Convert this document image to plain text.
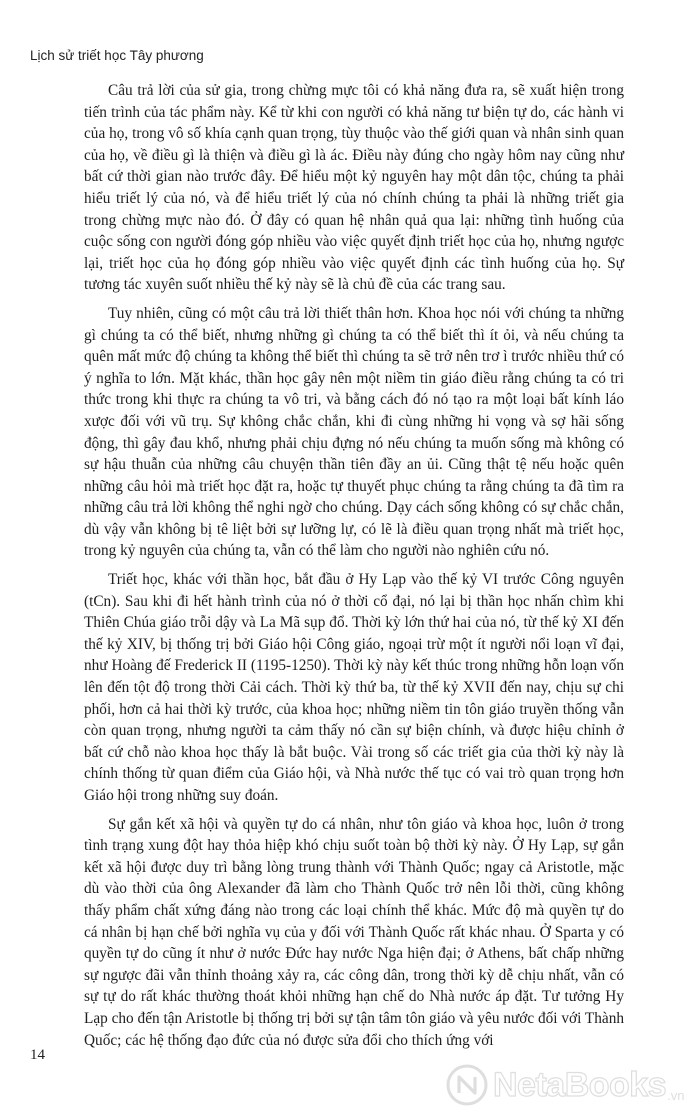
Lịch sử triết học Tây phương

Câu trả lời của sử gia, trong chừng mực tôi có khả năng đưa ra, sẽ xuất hiện trong tiến trình của tác phẩm này. Kể từ khi con người có khả năng tư biện tự do, các hành vi của họ, trong vô số khía cạnh quan trọng, tùy thuộc vào thế giới quan và nhân sinh quan của họ, về điều gì là thiện và điều gì là ác. Điều này đúng cho ngày hôm nay cũng như bất cứ thời gian nào trước đây. Để hiểu một kỷ nguyên hay một dân tộc, chúng ta phải hiểu triết lý của nó, và để hiểu triết lý của nó chính chúng ta phải là những triết gia trong chừng mực nào đó. Ở đây có quan hệ nhân quả qua lại: những tình huống của cuộc sống con người đóng góp nhiều vào việc quyết định triết học của họ, nhưng ngược lại, triết học của họ đóng góp nhiều vào việc quyết định các tình huống của họ. Sự tương tác xuyên suốt nhiều thế kỷ này sẽ là chủ đề của các trang sau.

Tuy nhiên, cũng có một câu trả lời thiết thân hơn. Khoa học nói với chúng ta những gì chúng ta có thể biết, nhưng những gì chúng ta có thể biết thì ít ỏi, và nếu chúng ta quên mất mức độ chúng ta không thể biết thì chúng ta sẽ trở nên trơ ì trước nhiều thứ có ý nghĩa to lớn. Mặt khác, thần học gây nên một niềm tin giáo điều rằng chúng ta có tri thức trong khi thực ra chúng ta vô tri, và bằng cách đó nó tạo ra một loại bất kính láo xược đối với vũ trụ. Sự không chắc chắn, khi đi cùng những hi vọng và sợ hãi sống động, thì gây đau khổ, nhưng phải chịu đựng nó nếu chúng ta muốn sống mà không có sự hậu thuẫn của những câu chuyện thần tiên đầy an ủi. Cũng thật tệ nếu hoặc quên những câu hỏi mà triết học đặt ra, hoặc tự thuyết phục chúng ta rằng chúng ta đã tìm ra những câu trả lời không thể nghi ngờ cho chúng. Dạy cách sống không có sự chắc chắn, dù vậy vẫn không bị tê liệt bởi sự lưỡng lự, có lẽ là điều quan trọng nhất mà triết học, trong kỷ nguyên của chúng ta, vẫn có thể làm cho người nào nghiên cứu nó.

Triết học, khác với thần học, bắt đầu ở Hy Lạp vào thế kỷ VI trước Công nguyên (tCn). Sau khi đi hết hành trình của nó ở thời cổ đại, nó lại bị thần học nhấn chìm khi Thiên Chúa giáo trỗi dậy và La Mã sụp đổ. Thời kỳ lớn thứ hai của nó, từ thế kỷ XI đến thế kỷ XIV, bị thống trị bởi Giáo hội Công giáo, ngoại trừ một ít người nổi loạn vĩ đại, như Hoàng đế Frederick II (1195-1250). Thời kỳ này kết thúc trong những hỗn loạn vốn lên đến tột độ trong thời Cải cách. Thời kỳ thứ ba, từ thế kỷ XVII đến nay, chịu sự chi phối, hơn cả hai thời kỳ trước, của khoa học; những niềm tin tôn giáo truyền thống vẫn còn quan trọng, nhưng người ta cảm thấy nó cần sự biện chính, và được hiệu chỉnh ở bất cứ chỗ nào khoa học thấy là bắt buộc. Vài trong số các triết gia của thời kỳ này là chính thống từ quan điểm của Giáo hội, và Nhà nước thế tục có vai trò quan trọng hơn Giáo hội trong những suy đoán.

Sự gắn kết xã hội và quyền tự do cá nhân, như tôn giáo và khoa học, luôn ở trong tình trạng xung đột hay thỏa hiệp khó chịu suốt toàn bộ thời kỳ này. Ở Hy Lạp, sự gắn kết xã hội được duy trì bằng lòng trung thành với Thành Quốc; ngay cả Aristotle, mặc dù vào thời của ông Alexander đã làm cho Thành Quốc trở nên lỗi thời, cũng không thấy phẩm chất xứng đáng nào trong các loại chính thể khác. Mức độ mà quyền tự do cá nhân bị hạn chế bởi nghĩa vụ của y đối với Thành Quốc rất khác nhau. Ở Sparta y có quyền tự do cũng ít như ở nước Đức hay nước Nga hiện đại; ở Athens, bất chấp những sự ngược đãi vẫn thỉnh thoảng xảy ra, các công dân, trong thời kỳ dễ chịu nhất, vẫn có sự tự do rất khác thường thoát khỏi những hạn chế do Nhà nước áp đặt. Tư tưởng Hy Lạp cho đến tận Aristotle bị thống trị bởi sự tận tâm tôn giáo và yêu nước đối với Thành Quốc; các hệ thống đạo đức của nó được sửa đổi cho thích ứng với

14
NetaBooks .vn
